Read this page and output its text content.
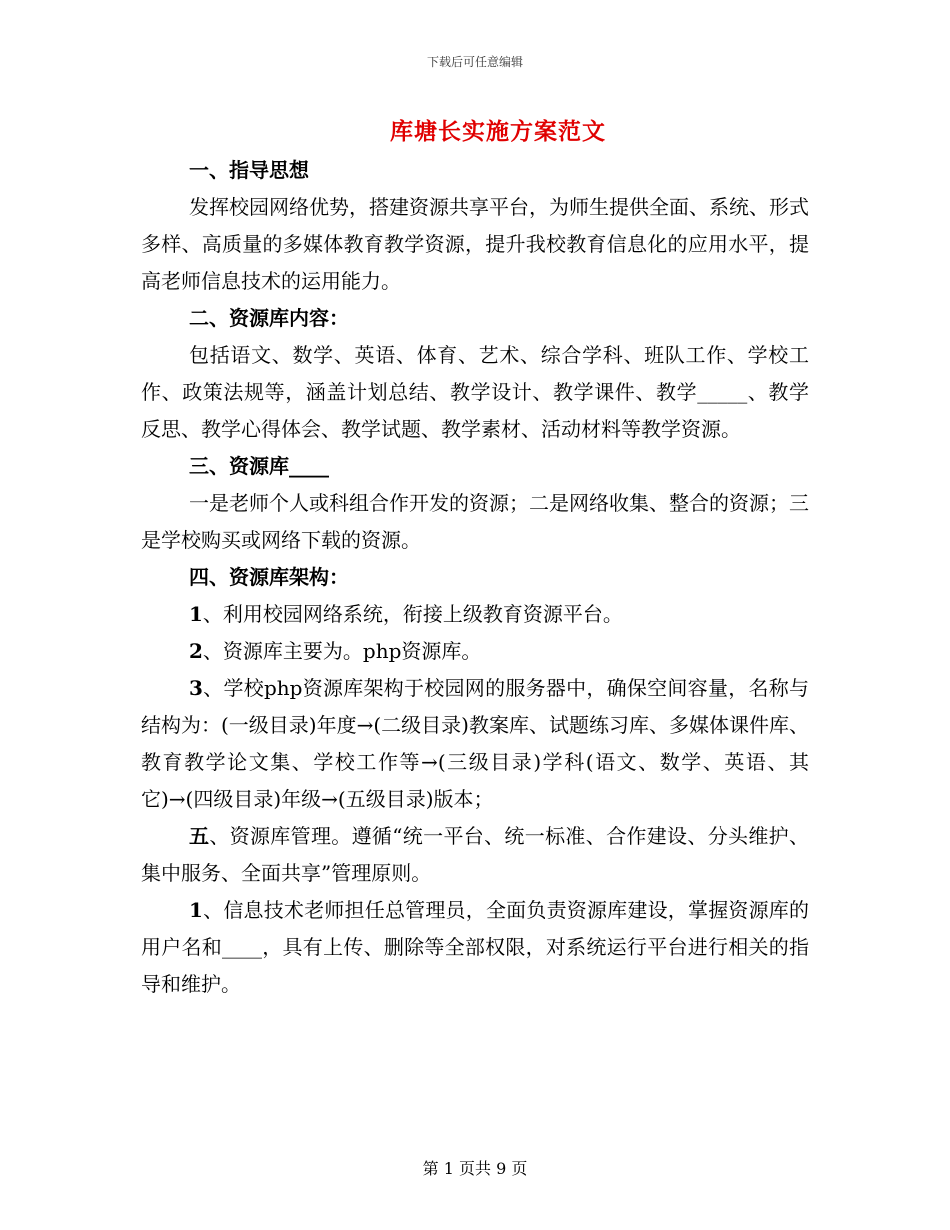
下载后可任意编辑
库塘长实施方案范文

一、指导思想

发挥校园网络优势，搭建资源共享平台，为师生提供全面、系统、形式多样、高质量的多媒体教育教学资源，提升我校教育信息化的应用水平，提高老师信息技术的运用能力。

二、资源库内容：

包括语文、数学、英语、体育、艺术、综合学科、班队工作、学校工作、政策法规等，涵盖计划总结、教学设计、教学课件、教学_____、教学反思、教学心得体会、教学试题、教学素材、活动材料等教学资源。

三、资源库____

一是老师个人或科组合作开发的资源；二是网络收集、整合的资源；三是学校购买或网络下载的资源。

四、资源库架构：

1、利用校园网络系统，衔接上级教育资源平台。

2、资源库主要为。php资源库。

3、学校php资源库架构于校园网的服务器中，确保空间容量，名称与结构为：(一级目录)年度→(二级目录)教案库、试题练习库、多媒体课件库、教育教学论文集、学校工作等→(三级目录)学科(语文、数学、英语、其它)→(四级目录)年级→(五级目录)版本；

五、资源库管理。遵循“统一平台、统一标准、合作建设、分头维护、集中服务、全面共享”管理原则。

1、信息技术老师担任总管理员，全面负责资源库建设，掌握资源库的用户名和____，具有上传、删除等全部权限，对系统运行平台进行相关的指导和维护。

第 1 页共 9 页
